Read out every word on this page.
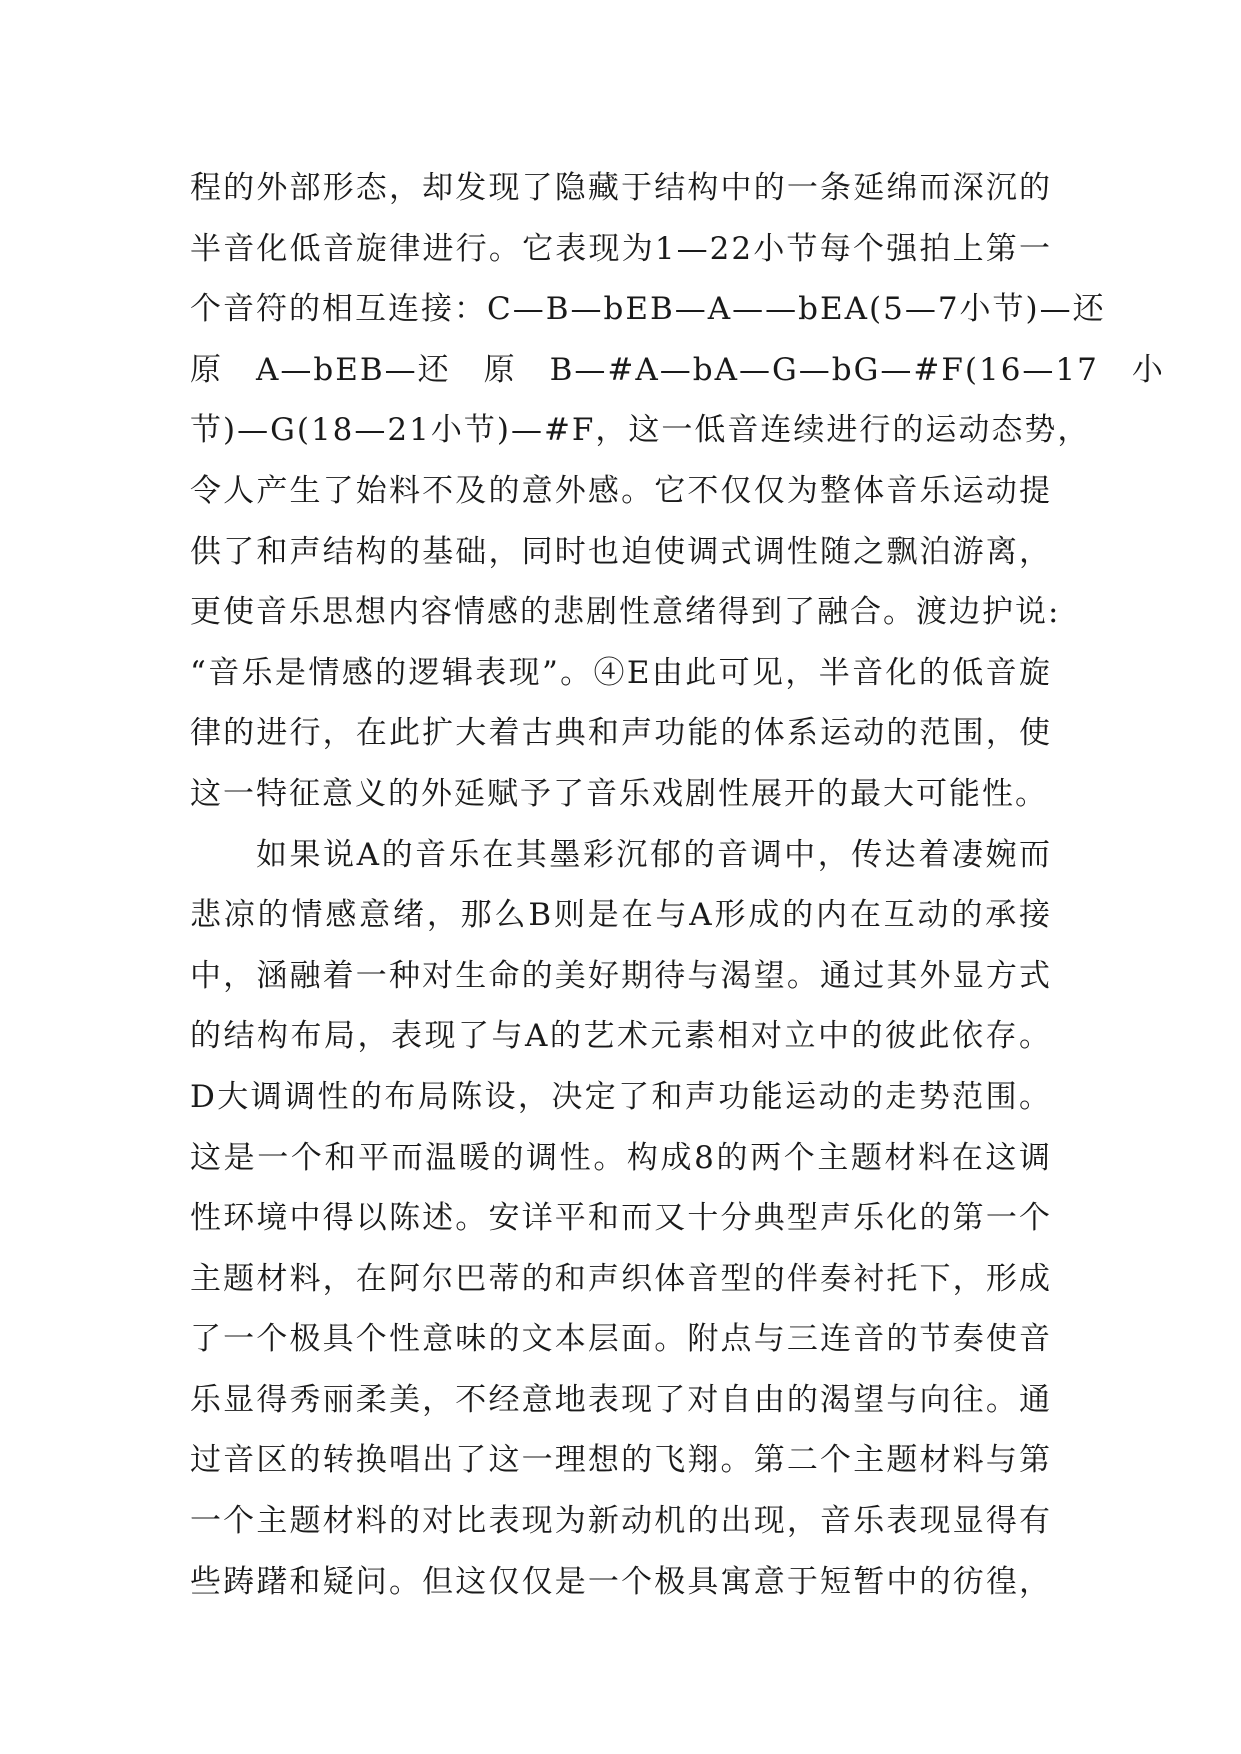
程的外部形态，却发现了隐藏于结构中的一条延绵而深沉的
半音化低音旋律进行。它表现为1—22小节每个强拍上第一
个音符的相互连接：C—B—bEB—A——bEA(5—7小节)—还
原　A—bEB—还　原　B—#A—bA—G—bG—#F(16—17　小
节)—G(18—21小节)—#F，这一低音连续进行的运动态势，
令人产生了始料不及的意外感。它不仅仅为整体音乐运动提
供了和声结构的基础，同时也迫使调式调性随之飘泊游离，
更使音乐思想内容情感的悲剧性意绪得到了融合。渡边护说:
“音乐是情感的逻辑表现”。④E由此可见，半音化的低音旋
律的进行，在此扩大着古典和声功能的体系运动的范围，使
这一特征意义的外延赋予了音乐戏剧性展开的最大可能性。
如果说A的音乐在其墨彩沉郁的音调中，传达着凄婉而
悲凉的情感意绪，那么B则是在与A形成的内在互动的承接
中，涵融着一种对生命的美好期待与渴望。通过其外显方式
的结构布局，表现了与A的艺术元素相对立中的彼此依存。
D大调调性的布局陈设，决定了和声功能运动的走势范围。
这是一个和平而温暖的调性。构成8的两个主题材料在这调
性环境中得以陈述。安详平和而又十分典型声乐化的第一个
主题材料，在阿尔巴蒂的和声织体音型的伴奏衬托下，形成
了一个极具个性意味的文本层面。附点与三连音的节奏使音
乐显得秀丽柔美，不经意地表现了对自由的渴望与向往。通
过音区的转换唱出了这一理想的飞翔。第二个主题材料与第
一个主题材料的对比表现为新动机的出现，音乐表现显得有
些踌躇和疑问。但这仅仅是一个极具寓意于短暂中的彷徨，
